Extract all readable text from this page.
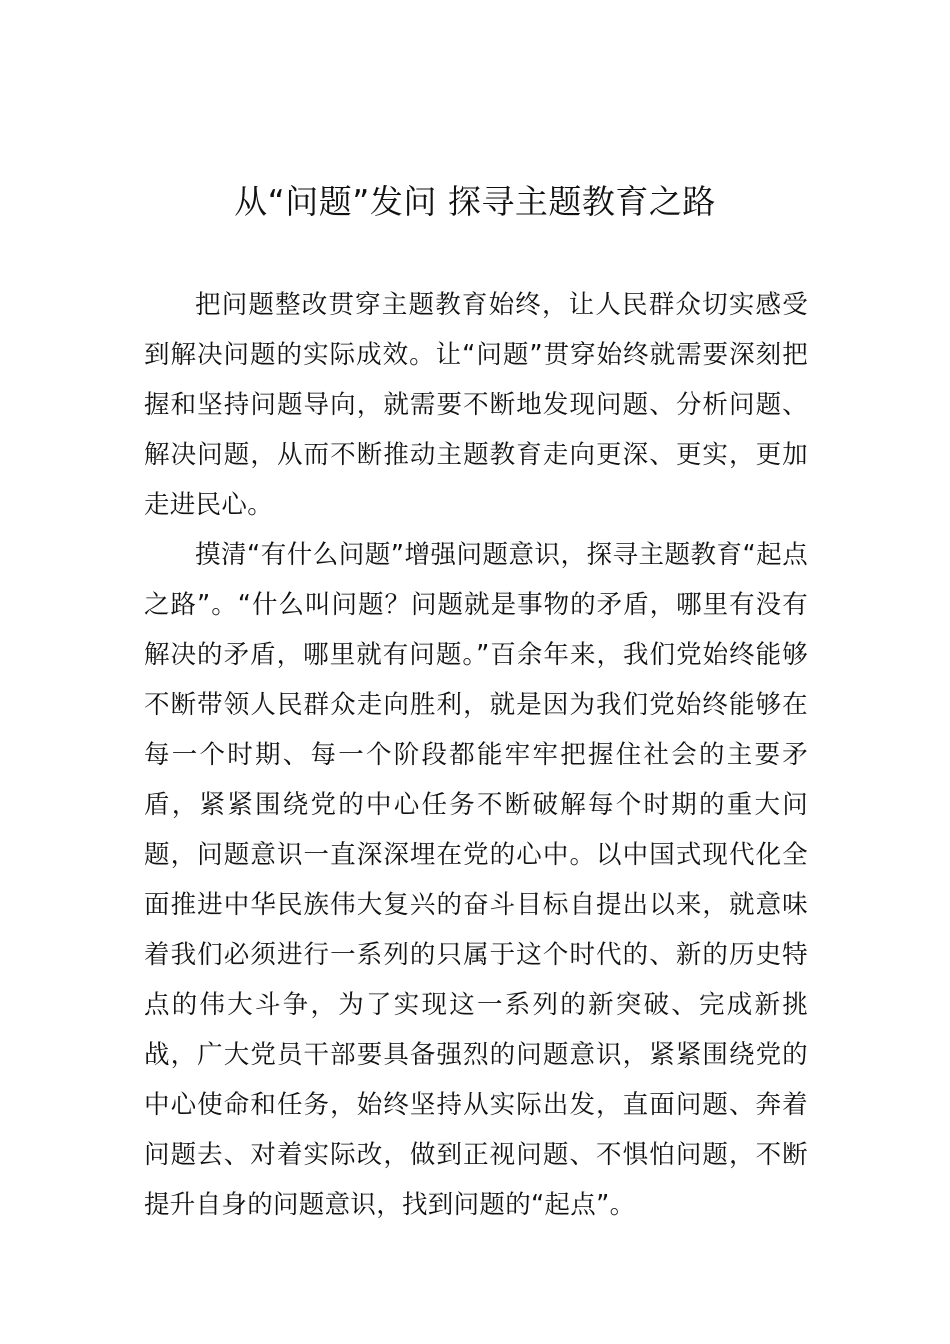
从“问题”发问 探寻主题教育之路

把问题整改贯穿主题教育始终，让人民群众切实感受到解决问题的实际成效。让“问题”贯穿始终就需要深刻把握和坚持问题导向，就需要不断地发现问题、分析问题、解决问题，从而不断推动主题教育走向更深、更实，更加走进民心。

摸清“有什么问题”增强问题意识，探寻主题教育“起点之路”。“什么叫问题？问题就是事物的矛盾，哪里有没有解决的矛盾，哪里就有问题。”百余年来，我们党始终能够不断带领人民群众走向胜利，就是因为我们党始终能够在每一个时期、每一个阶段都能牢牢把握住社会的主要矛盾，紧紧围绕党的中心任务不断破解每个时期的重大问题，问题意识一直深深埋在党的心中。以中国式现代化全面推进中华民族伟大复兴的奋斗目标自提出以来，就意味着我们必须进行一系列的只属于这个时代的、新的历史特点的伟大斗争，为了实现这一系列的新突破、完成新挑战，广大党员干部要具备强烈的问题意识，紧紧围绕党的中心使命和任务，始终坚持从实际出发，直面问题、奔着问题去、对着实际改，做到正视问题、不惧怕问题，不断提升自身的问题意识，找到问题的“起点”。
